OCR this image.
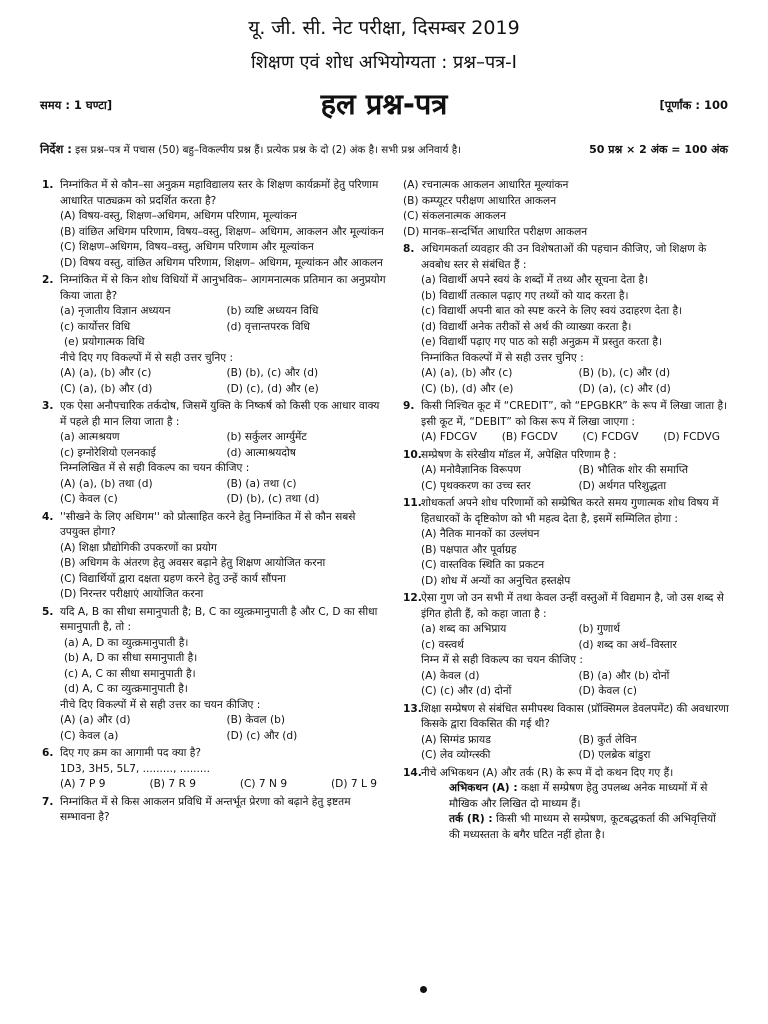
यू. जी. सी. नेट परीक्षा, दिसम्बर 2019
शिक्षण एवं शोध अभियोग्यता : प्रश्न–पत्र-I
समय : 1 घण्टा]	हल प्रश्न-पत्र	[पूर्णांक : 100
निर्देश : इस प्रश्न–पत्र में पचास (50) बहु–विकल्पीय प्रश्न हैं। प्रत्येक प्रश्न के दो (2) अंक है। सभी प्रश्न अनिवार्य है।	50 प्रश्न × 2 अंक = 100 अंक
1. निम्नांकित में से कौन–सा अनुक्रम महाविद्यालय स्तर के शिक्षण कार्यक्रमों हेतु परिणाम आधारित पाठ्यक्रम को प्रदर्शित करता है?
(A) विषय-वस्तु, शिक्षण–अधिगम, अधिगम परिणाम, मूल्यांकन
(B) वांछित अधिगम परिणाम, विषय–वस्तु, शिक्षण– अधिगम, आकलन और मूल्यांकन
(C) शिक्षण–अधिगम, विषय–वस्तु, अधिगम परिणाम और मूल्यांकन
(D) विषय वस्तु, वांछित अधिगम परिणाम, शिक्षण– अधिगम, मूल्यांकन और आकलन
2. निम्नांकित में से किन शोध विधियों में आनुभविक– आगमनात्मक प्रतिमान का अनुप्रयोग किया जाता है?
(a) नृजातीय विज्ञान अध्ययन	(b) व्यष्टि अध्ययन विधि
(c) कार्योत्तर विधि	(d) वृत्तान्तपरक विधि
(e) प्रयोगात्मक विधि
नीचे दिए गए विकल्पों में से सही उत्तर चुनिए :
(A) (a), (b) और (c)	(B) (b), (c) और (d)
(C) (a), (b) और (d)	(D) (c), (d) और (e)
3. एक ऐसा अनौपचारिक तर्कदोष, जिसमें युक्ति के निष्कर्ष को किसी एक आधार वाक्य में पहले ही मान लिया जाता है :
(a) आत्मश्रयण	(b) सर्कुलर आर्ग्युमेंट
(c) इग्नोरेशियो एलनकाई	(d) आत्माश्रयदोष
निम्नलिखित में से सही विकल्प का चयन कीजिए :
(A) (a), (b) तथा (d)	(B) (a) तथा (c)
(C) केवल (c)	(D) (b), (c) तथा (d)
4. ''सीखने के लिए अधिगम'' को प्रोत्साहित करने हेतु निम्नांकित में से कौन सबसे उपयुक्त होगा?
(A) शिक्षा प्रौद्योगिकी उपकरणों का प्रयोग
(B) अधिगम के अंतरण हेतु अवसर बढ़ाने हेतु शिक्षण आयोजित करना
(C) विद्यार्थियों द्वारा दक्षता ग्रहण करने हेतु उन्हें कार्य सौंपना
(D) निरन्तर परीक्षाएं आयोजित करना
5. यदि A, B का सीधा समानुपाती है; B, C का व्युत्क्रमानुपाती है और C, D का सीधा समानुपाती है, तो :
(a) A, D का व्युत्क्रमानुपाती है।
(b) A, D का सीधा समानुपाती है।
(c) A, C का सीधा समानुपाती है।
(d) A, C का व्युत्क्रमानुपाती है।
नीचे दिए विकल्पों में से सही उत्तर का चयन कीजिए :
(A) (a) और (d)	(B) केवल (b)
(C) केवल (a)	(D) (c) और (d)
6. दिए गए क्रम का आगामी पद क्या है?
1D3, 3H5, 5L7, ........., .........
(A) 7 P 9	(B) 7 R 9	(C) 7 N 9	(D) 7 L 9
7. निम्नांकित में से किस आकलन प्रविधि में अन्तर्भूत प्रेरणा को बढ़ाने हेतु इष्टतम सम्भावना है?
(A) रचनात्मक आकलन आधारित मूल्यांकन
(B) कम्प्यूटर परीक्षण आधारित आकलन
(C) संकलनात्मक आकलन
(D) मानक–सन्दर्भित आधारित परीक्षण आकलन
8. अधिगमकर्ता व्यवहार की उन विशेषताओं की पहचान कीजिए, जो शिक्षण के अवबोध स्तर से संबंधित हैं :
(a) विद्यार्थी अपने स्वयं के शब्दों में तथ्य और सूचना देता है।
(b) विद्यार्थी तत्काल पढ़ाए गए तथ्यों को याद करता है।
(c) विद्यार्थी अपनी बात को स्पष्ट करने के लिए स्वयं उदाहरण देता है।
(d) विद्यार्थी अनेक तरीकों से अर्थ की व्याख्या करता है।
(e) विद्यार्थी पढ़ाए गए पाठ को सही अनुक्रम में प्रस्तुत करता है।
निम्नांकित विकल्पों में से सही उत्तर चुनिए :
(A) (a), (b) और (c)	(B) (b), (c) और (d)
(C) (b), (d) और (e)	(D) (a), (c) और (d)
9. किसी निश्चित कूट में “CREDIT”, को “EPGBKR” के रूप में लिखा जाता है। इसी कूट में, “DEBIT” को किस रूप में लिखा जाएगा :
(A) FDCGV (B) FGCDV (C) FCDGV (D) FCDVG
10. सम्प्रेषण के संरेखीय मॉडल में, अपेक्षित परिणाम है :
(A) मनोवैज्ञानिक विरूपण	(B) भौतिक शोर की समाप्ति
(C) पृथक्करण का उच्च स्तर	(D) अर्थगत परिशुद्धता
11. शोधकर्ता अपने शोध परिणामों को सम्प्रेषित करते समय गुणात्मक शोध विषय में हितधारकों के दृष्टिकोण को भी महत्व देता है, इसमें सम्मिलित होगा :
(A) नैतिक मानकों का उल्लंघन
(B) पक्षपात और पूर्वाग्रह
(C) वास्तविक स्थिति का प्रकटन
(D) शोध में अन्यों का अनुचित हस्तक्षेप
12. ऐसा गुण जो उन सभी में तथा केवल उन्हीं वस्तुओं में विद्यमान है, जो उस शब्द से इंगित होती हैं, को कहा जाता है :
(a) शब्द का अभिप्राय	(b) गुणार्थ
(c) वस्त्वर्थ	(d) शब्द का अर्थ–विस्तार
निम्न में से सही विकल्प का चयन कीजिए :
(A) केवल (d)	(B) (a) और (b) दोनों
(C) (c) और (d) दोनों	(D) केवल (c)
13. शिक्षा सम्प्रेषण से संबंधित समीपस्थ विकास (प्रॉक्सिमल डेवलपमेंट) की अवधारणा किसके द्वारा विकसित की गई थी?
(A) सिग्मंड फ्रायड	(B) कुर्त लेविन
(C) लेव व्योग्त्स्की	(D) एलब्रेक बांडुरा
14. नीचे अभिकथन (A) और तर्क (R) के रूप में दो कथन दिए गए हैं।
अभिकथन (A) : कक्षा में सम्प्रेषण हेतु उपलब्ध अनेक माध्यमों में से मौखिक और लिखित दो माध्यम हैं।
तर्क (R) : किसी भी माध्यम से सम्प्रेषण, कूटबद्धकर्ता की अभिवृत्तियों की मध्यस्तता के बगैर घटित नहीं होता है।
